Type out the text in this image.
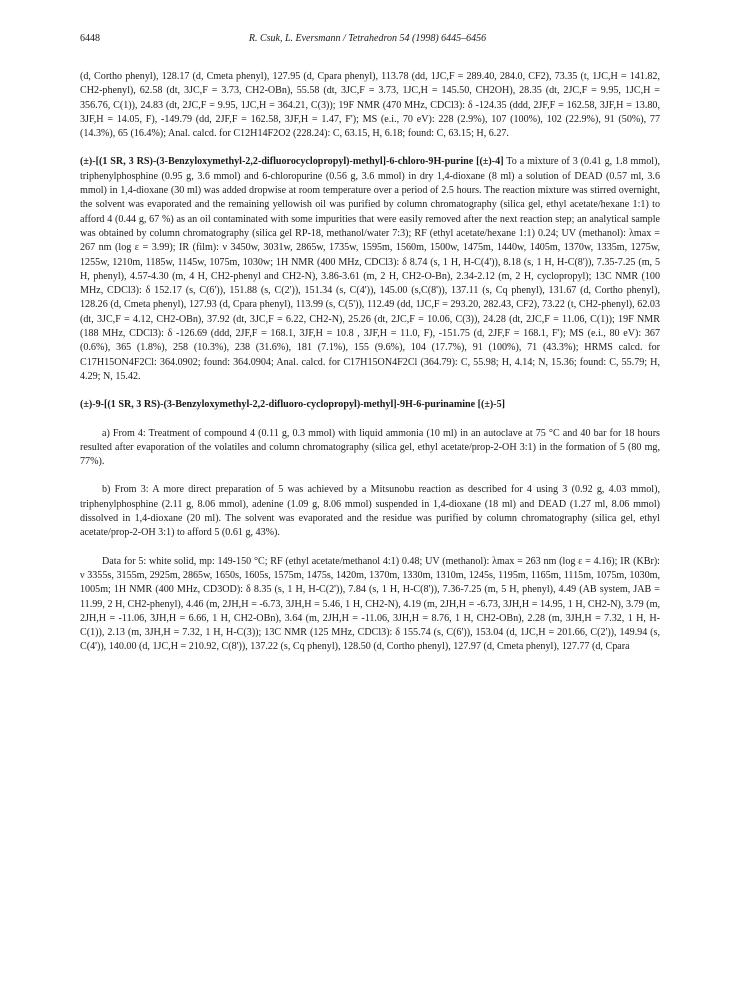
6448	R. Csuk, L. Eversmann / Tetrahedron 54 (1998) 6445–6456

(d, Cortho phenyl), 128.17 (d, Cmeta phenyl), 127.95 (d, Cpara phenyl), 113.78 (dd, 1JC,F = 289.40, 284.0, CF2), 73.35 (t, 1JC,H = 141.82, CH2-phenyl), 62.58 (dt, 3JC,F = 3.73, CH2-OBn), 55.58 (dt, 3JC,F = 3.73, 1JC,H = 145.50, CH2OH), 28.35 (dt, 2JC,F = 9.95, 1JC,H = 356.76, C(1)), 24.83 (dt, 2JC,F = 9.95, 1JC,H = 364.21, C(3)); 19F NMR (470 MHz, CDCl3): δ -124.35 (ddd, 2JF,F = 162.58, 3JF,H = 13.80, 3JF,H = 14.05, F), -149.79 (dd, 2JF,F = 162.58, 3JF,H = 1.47, F'); MS (e.i., 70 eV): 228 (2.9%), 107 (100%), 102 (22.9%), 91 (50%), 77 (14.3%), 65 (16.4%); Anal. calcd. for C12H14F2O2 (228.24): C, 63.15, H, 6.18; found: C, 63.15; H, 6.27.

(±)-[(1 SR, 3 RS)-(3-Benzyloxymethyl-2,2-difluorocyclopropyl)-methyl]-6-chloro-9H-purine [(±)-4] To a mixture of 3 (0.41 g, 1.8 mmol), triphenylphosphine (0.95 g, 3.6 mmol) and 6-chloropurine (0.56 g, 3.6 mmol) in dry 1,4-dioxane (8 ml) a solution of DEAD (0.57 ml, 3.6 mmol) in 1,4-dioxane (30 ml) was added dropwise at room temperature over a period of 2.5 hours. The reaction mixture was stirred overnight, the solvent was evaporated and the remaining yellowish oil was purified by column chromatography (silica gel, ethyl acetate/hexane 1:1) to afford 4 (0.44 g, 67 %) as an oil contaminated with some impurities that were easily removed after the next reaction step; an analytical sample was obtained by column chromatography (silica gel RP-18, methanol/water 7:3); RF (ethyl acetate/hexane 1:1) 0.24; UV (methanol): λmax = 267 nm (log ε = 3.99); IR (film): ν 3450w, 3031w, 2865w, 1735w, 1595m, 1560m, 1500w, 1475m, 1440w, 1405m, 1370w, 1335m, 1275w, 1255w, 1210m, 1185w, 1145w, 1075m, 1030w; 1H NMR (400 MHz, CDCl3): δ 8.74 (s, 1 H, H-C(4')), 8.18 (s, 1 H, H-C(8')), 7.35-7.25 (m, 5 H, phenyl), 4.57-4.30 (m, 4 H, CH2-phenyl and CH2-N), 3.86-3.61 (m, 2 H, CH2-O-Bn), 2.34-2.12 (m, 2 H, cyclopropyl); 13C NMR (100 MHz, CDCl3): δ 152.17 (s, C(6')), 151.88 (s, C(2')), 151.34 (s, C(4')), 145.00 (s,C(8')), 137.11 (s, Cq phenyl), 131.67 (d, Cortho phenyl), 128.26 (d, Cmeta phenyl), 127.93 (d, Cpara phenyl), 113.99 (s, C(5')), 112.49 (dd, 1JC,F = 293.20, 282.43, CF2), 73.22 (t, CH2-phenyl), 62.03 (dt, 3JC,F = 4.12, CH2-OBn), 37.92 (dt, 3JC,F = 6.22, CH2-N), 25.26 (dt, 2JC,F = 10.06, C(3)), 24.28 (dt, 2JC,F = 11.06, C(1)); 19F NMR (188 MHz, CDCl3): δ -126.69 (ddd, 2JF,F = 168.1, 3JF,H = 10.8 , 3JF,H = 11.0, F), -151.75 (d, 2JF,F = 168.1, F'); MS (e.i., 80 eV): 367 (0.6%), 365 (1.8%), 258 (10.3%), 238 (31.6%), 181 (7.1%), 155 (9.6%), 104 (17.7%), 91 (100%), 71 (43.3%); HRMS calcd. for C17H15ON4F2Cl: 364.0902; found: 364.0904; Anal. calcd. for C17H15ON4F2Cl (364.79): C, 55.98; H, 4.14; N, 15.36; found: C, 55.79; H, 4.29; N, 15.42.

(±)-9-[(1 SR, 3 RS)-(3-Benzyloxymethyl-2,2-difluoro-cyclopropyl)-methyl]-9H-6-purinamine [(±)-5]

a) From 4: Treatment of compound 4 (0.11 g, 0.3 mmol) with liquid ammonia (10 ml) in an autoclave at 75 °C and 40 bar for 18 hours resulted after evaporation of the volatiles and column chromatography (silica gel, ethyl acetate/prop-2-OH 3:1) in the formation of 5 (80 mg, 77%).

b) From 3: A more direct preparation of 5 was achieved by a Mitsunobu reaction as described for 4 using 3 (0.92 g, 4.03 mmol), triphenylphosphine (2.11 g, 8.06 mmol), adenine (1.09 g, 8.06 mmol) suspended in 1,4-dioxane (18 ml) and DEAD (1.27 ml, 8.06 mmol) dissolved in 1,4-dioxane (20 ml). The solvent was evaporated and the residue was purified by column chromatography (silica gel, ethyl acetate/prop-2-OH 3:1) to afford 5 (0.61 g, 43%).

Data for 5: white solid, mp: 149-150 °C; RF (ethyl acetate/methanol 4:1) 0.48; UV (methanol): λmax = 263 nm (log ε = 4.16); IR (KBr): ν 3355s, 3155m, 2925m, 2865w, 1650s, 1605s, 1575m, 1475s, 1420m, 1370m, 1330m, 1310m, 1245s, 1195m, 1165m, 1115m, 1075m, 1030m, 1005m; 1H NMR (400 MHz, CD3OD): δ 8.35 (s, 1 H, H-C(2')), 7.84 (s, 1 H, H-C(8')), 7.36-7.25 (m, 5 H, phenyl), 4.49 (AB system, JAB = 11.99, 2 H, CH2-phenyl), 4.46 (m, 2JH,H = -6.73, 3JH,H = 5.46, 1 H, CH2-N), 4.19 (m, 2JH,H = -6.73, 3JH,H = 14.95, 1 H, CH2-N), 3.79 (m, 2JH,H = -11.06, 3JH,H = 6.66, 1 H, CH2-OBn), 3.64 (m, 2JH,H = -11.06, 3JH,H = 8.76, 1 H, CH2-OBn), 2.28 (m, 3JH,H = 7.32, 1 H, H-C(1)), 2.13 (m, 3JH,H = 7.32, 1 H, H-C(3)); 13C NMR (125 MHz, CDCl3): δ 155.74 (s, C(6')), 153.04 (d, 1JC,H = 201.66, C(2')), 149.94 (s, C(4')), 140.00 (d, 1JC,H = 210.92, C(8')), 137.22 (s, Cq phenyl), 128.50 (d, Cortho phenyl), 127.97 (d, Cmeta phenyl), 127.77 (d, Cpara
